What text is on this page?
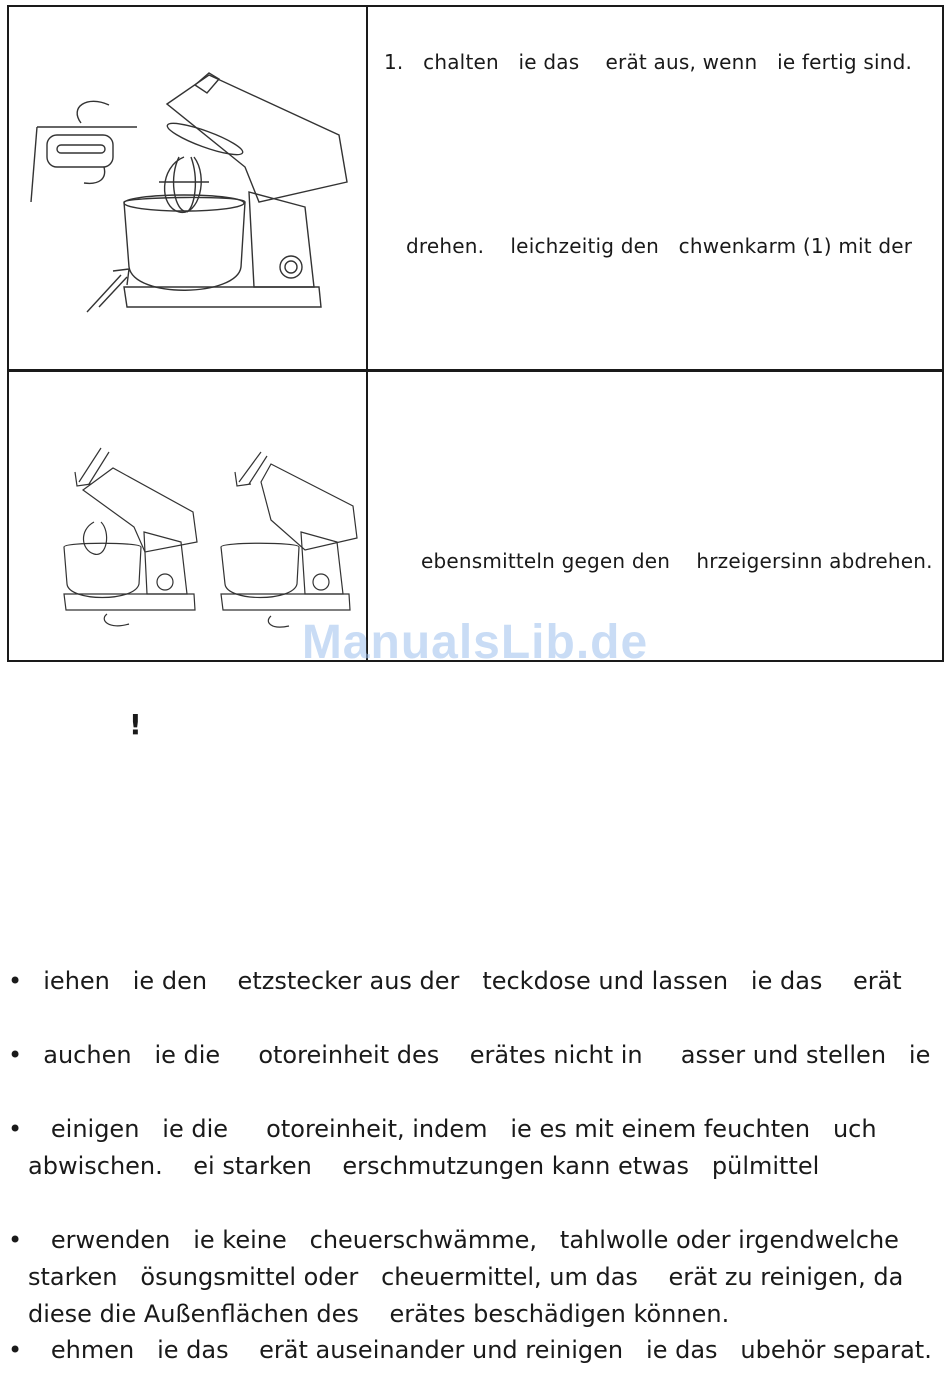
1.   chalten   ie das    erät aus, wenn   ie fertig sind.
drehen.    leichzeitig den   chwenkarm (1) mit der
ebensmitteln gegen den    hrzeigersinn abdrehen.
ManualsLib.de
!
• iehen   ie den    etzstecker aus der   teckdose und lassen   ie das    erät
• auchen   ie die     otoreinheit des    erätes nicht in     asser und stellen   ie
• einigen   ie die     otoreinheit, indem   ie es mit einem feuchten   uch
abwischen.    ei starken    erschmutzungen kann etwas   pülmittel
• erwenden   ie keine   cheuerschwämme,   tahlwolle oder irgendwelche
starken   ösungsmittel oder   cheuermittel, um das    erät zu reinigen, da
diese die Außenflächen des    erätes beschädigen können.
• ehmen   ie das    erät auseinander und reinigen   ie das   ubehör separat.
